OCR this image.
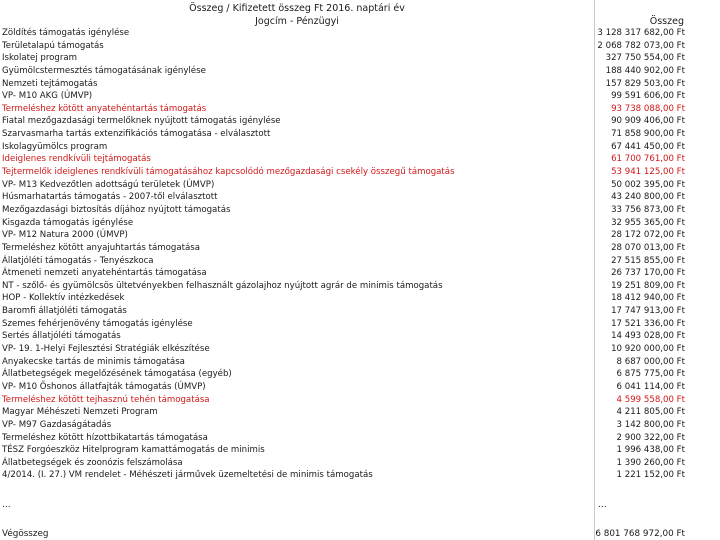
Összeg / Kifizetett összeg Ft 2016. naptári év
Jogcím - Pénzügyi	Összeg
Zöldítés támogatás igénylése	3 128 317 682,00 Ft
Területalapú támogatás	2 068 782 073,00 Ft
Iskolatej program	327 750 554,00 Ft
Gyümölcstermesztés támogatásának igénylése	188 440 902,00 Ft
Nemzeti tejtámogatás	157 829 503,00 Ft
VP- M10 AKG (ÚMVP)	99 591 606,00 Ft
Termeléshez kötött anyatehéntartás támogatás	93 738 088,00 Ft
Fiatal mezőgazdasági termelőknek nyújtott támogatás igénylése	90 909 406,00 Ft
Szarvasmarha tartás extenzifikációs támogatása - elválasztott	71 858 900,00 Ft
Iskolagyümölcs program	67 441 450,00 Ft
Ideiglenes rendkívüli tejtámogatás	61 700 761,00 Ft
Tejtermelők ideiglenes rendkívüli támogatásához kapcsolódó mezőgazdasági csekély összegű támogatás	53 941 125,00 Ft
VP- M13 Kedvezőtlen adottságú területek (ÚMVP)	50 002 395,00 Ft
Húsmarhatartás támogatás - 2007-től elválasztott	43 240 800,00 Ft
Mezőgazdasági biztosítás díjához nyújtott támogatás	33 756 873,00 Ft
Kisgazda támogatás igénylése	32 955 365,00 Ft
VP- M12 Natura 2000 (ÚMVP)	28 172 072,00 Ft
Termeléshez kötött anyajuhtartás támogatása	28 070 013,00 Ft
Állatjóléti támogatás - Tenyészkoca	27 515 855,00 Ft
Átmeneti nemzeti anyatehéntartás támogatása	26 737 170,00 Ft
NT - szőlő- és gyümölcsös ültetvényekben felhasznált gázolajhoz nyújtott agrár de minimis támogatás	19 251 809,00 Ft
HOP - Kollektív intézkedések	18 412 940,00 Ft
Baromfi állatjóléti támogatás	17 747 913,00 Ft
Szemes fehérjenövény támogatás igénylése	17 521 336,00 Ft
Sertés állatjóléti támogatás	14 493 028,00 Ft
VP- 19. 1-Helyi Fejlesztési Stratégiák elkészítése	10 920 000,00 Ft
Anyakecske tartás de minimis támogatása	8 687 000,00 Ft
Állatbetegségek megelőzésének támogatása (egyéb)	6 875 775,00 Ft
VP- M10 Őshonos állatfajták támogatás (ÚMVP)	6 041 114,00 Ft
Termeléshez kötött tejhasznú tehén támogatása	4 599 558,00 Ft
Magyar Méhészeti Nemzeti Program	4 211 805,00 Ft
VP- M97 Gazdaságátadás	3 142 800,00 Ft
Termeléshez kötött hízottbikatartás támogatása	2 900 322,00 Ft
TÉSZ Forgóeszköz Hitelprogram kamattámogatás de minimis	1 996 438,00 Ft
Állatbetegségek és zoonózis felszámolása	1 390 260,00 Ft
4/2014. (I. 27.) VM rendelet - Méhészeti járművek üzemeltetési de minimis támogatás	1 221 152,00 Ft
...	...
Végösszeg	6 801 768 972,00 Ft
